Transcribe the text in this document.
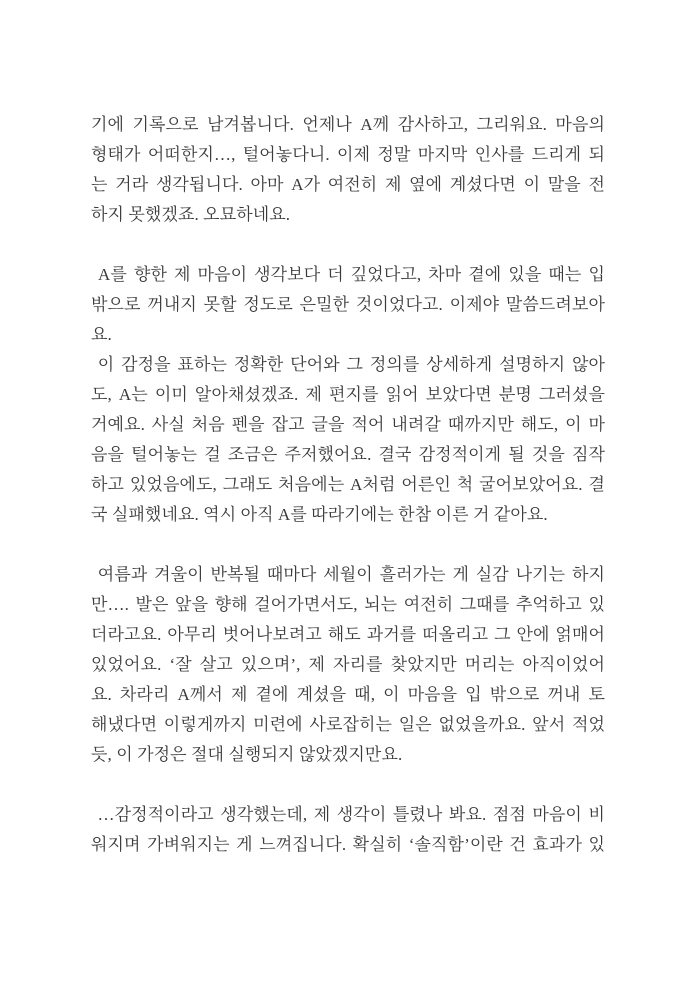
기에 기록으로 남겨봅니다. 언제나 A께 감사하고, 그리워요. 마음의
형태가 어떠한지…, 털어놓다니. 이제 정말 마지막 인사를 드리게 되
는 거라 생각됩니다. 아마 A가 여전히 제 옆에 계셨다면 이 말을 전
하지 못했겠죠. 오묘하네요.
A를 향한 제 마음이 생각보다 더 깊었다고, 차마 곁에 있을 때는 입
밖으로 꺼내지 못할 정도로 은밀한 것이었다고. 이제야 말씀드려보아
요.
이 감정을 표하는 정확한 단어와 그 정의를 상세하게 설명하지 않아
도, A는 이미 알아채셨겠죠. 제 편지를 읽어 보았다면 분명 그러셨을
거예요. 사실 처음 펜을 잡고 글을 적어 내려갈 때까지만 해도, 이 마
음을 털어놓는 걸 조금은 주저했어요. 결국 감정적이게 될 것을 짐작
하고 있었음에도, 그래도 처음에는 A처럼 어른인 척 굴어보았어요. 결
국 실패했네요. 역시 아직 A를 따라기에는 한참 이른 거 같아요.
여름과 겨울이 반복될 때마다 세월이 흘러가는 게 실감 나기는 하지
만…. 발은 앞을 향해 걸어가면서도, 뇌는 여전히 그때를 추억하고 있
더라고요. 아무리 벗어나보려고 해도 과거를 떠올리고 그 안에 얽매어
있었어요. ‘잘 살고 있으며’, 제 자리를 찾았지만 머리는 아직이었어
요. 차라리 A께서 제 곁에 계셨을 때, 이 마음을 입 밖으로 꺼내 토
해냈다면 이렇게까지 미련에 사로잡히는 일은 없었을까요. 앞서 적었
듯, 이 가정은 절대 실행되지 않았겠지만요.
…감정적이라고 생각했는데, 제 생각이 틀렸나 봐요. 점점 마음이 비
워지며 가벼워지는 게 느껴집니다. 확실히 ‘솔직함’이란 건 효과가 있
